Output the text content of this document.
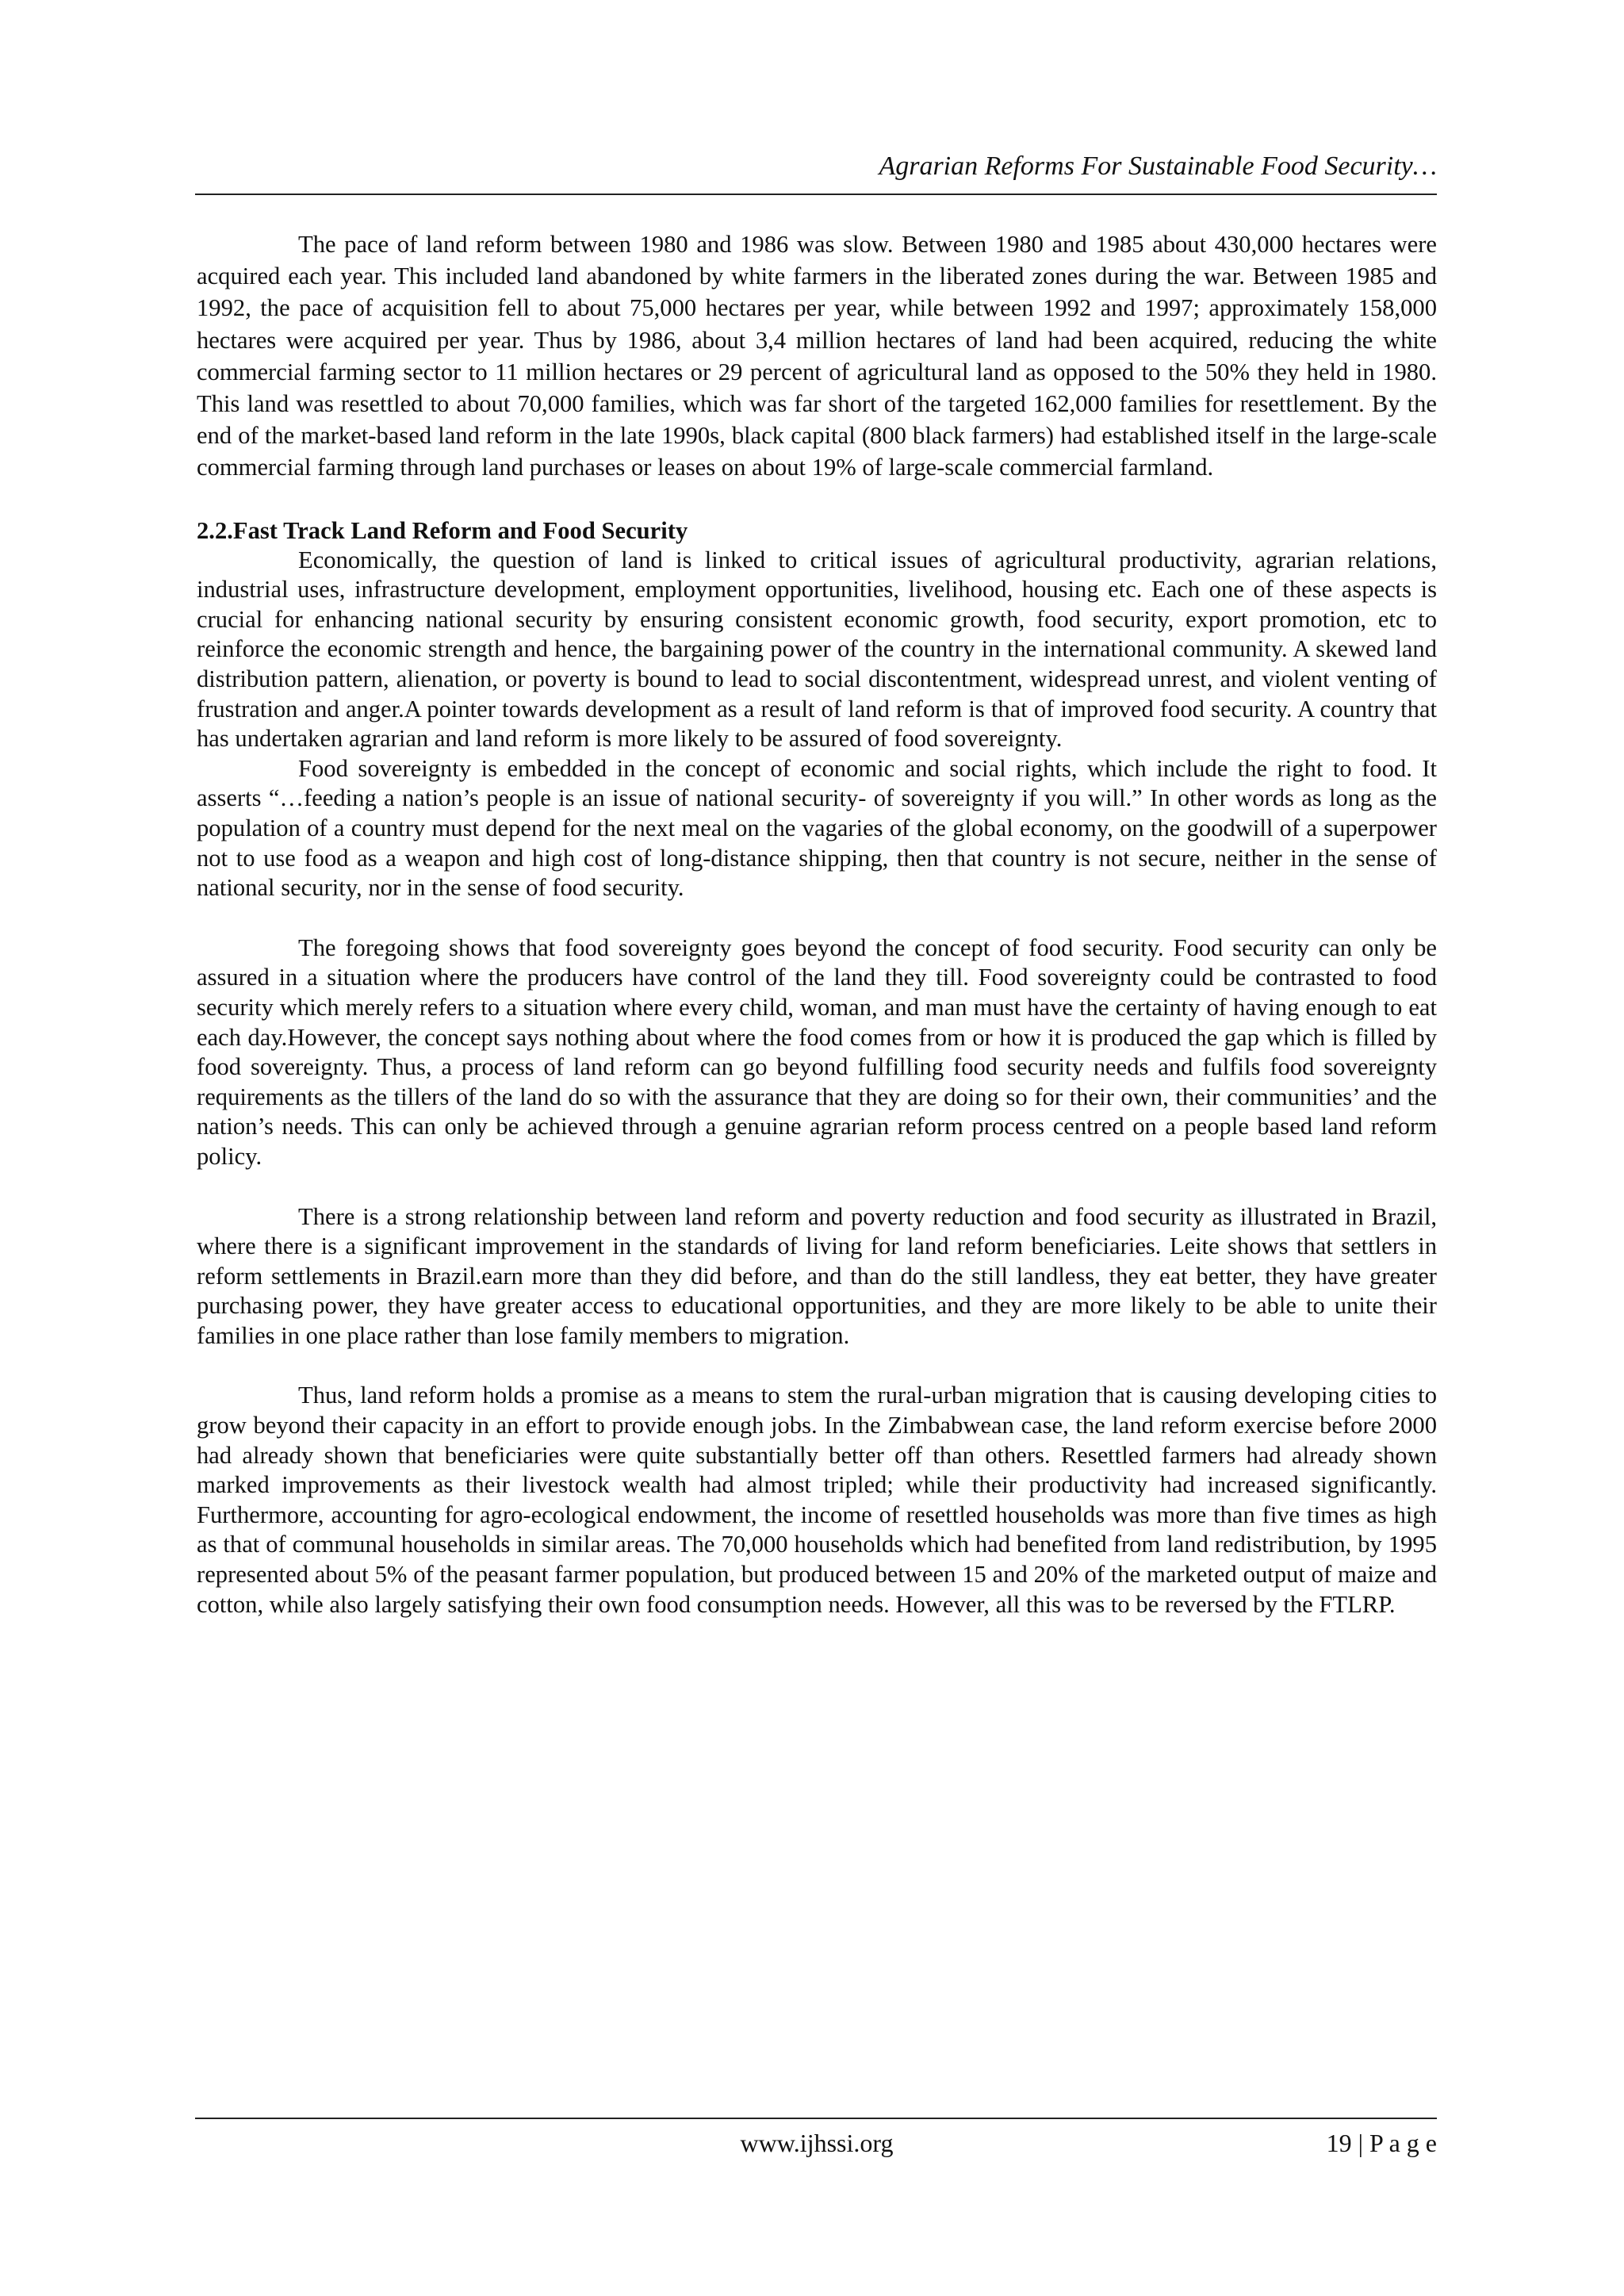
Agrarian Reforms For Sustainable Food Security…

The pace of land reform between 1980 and 1986 was slow. Between 1980 and 1985 about 430,000 hectares were acquired each year. This included land abandoned by white farmers in the liberated zones during the war. Between 1985 and 1992, the pace of acquisition fell to about 75,000 hectares per year, while between 1992 and 1997; approximately 158,000 hectares were acquired per year. Thus by 1986, about 3,4 million hectares of land had been acquired, reducing the white commercial farming sector to 11 million hectares or 29 percent of agricultural land as opposed to the 50% they held in 1980. This land was resettled to about 70,000 families, which was far short of the targeted 162,000 families for resettlement. By the end of the market-based land reform in the late 1990s, black capital (800 black farmers) had established itself in the large-scale commercial farming through land purchases or leases on about 19% of large-scale commercial farmland.

2.2.Fast Track Land Reform and Food Security

Economically, the question of land is linked to critical issues of agricultural productivity, agrarian relations, industrial uses, infrastructure development, employment opportunities, livelihood, housing etc. Each one of these aspects is crucial for enhancing national security by ensuring consistent economic growth, food security, export promotion, etc to reinforce the economic strength and hence, the bargaining power of the country in the international community. A skewed land distribution pattern, alienation, or poverty is bound to lead to social discontentment, widespread unrest, and violent venting of frustration and anger.A pointer towards development as a result of land reform is that of improved food security. A country that has undertaken agrarian and land reform is more likely to be assured of food sovereignty.

Food sovereignty is embedded in the concept of economic and social rights, which include the right to food. It asserts “…feeding a nation’s people is an issue of national security- of sovereignty if you will.” In other words as long as the population of a country must depend for the next meal on the vagaries of the global economy, on the goodwill of a superpower not to use food as a weapon and high cost of long-distance shipping, then that country is not secure, neither in the sense of national security, nor in the sense of food security.

The foregoing shows that food sovereignty goes beyond the concept of food security. Food security can only be assured in a situation where the producers have control of the land they till. Food sovereignty could be contrasted to food security which merely refers to a situation where every child, woman, and man must have the certainty of having enough to eat each day.However, the concept says nothing about where the food comes from or how it is produced the gap which is filled by food sovereignty. Thus, a process of land reform can go beyond fulfilling food security needs and fulfils food sovereignty requirements as the tillers of the land do so with the assurance that they are doing so for their own, their communities’ and the nation’s needs. This can only be achieved through a genuine agrarian reform process centred on a people based land reform policy.

There is a strong relationship between land reform and poverty reduction and food security as illustrated in Brazil, where there is a significant improvement in the standards of living for land reform beneficiaries. Leite shows that settlers in reform settlements in Brazil.earn more than they did before, and than do the still landless, they eat better, they have greater purchasing power, they have greater access to educational opportunities, and they are more likely to be able to unite their families in one place rather than lose family members to migration.

Thus, land reform holds a promise as a means to stem the rural-urban migration that is causing developing cities to grow beyond their capacity in an effort to provide enough jobs. In the Zimbabwean case, the land reform exercise before 2000 had already shown that beneficiaries were quite substantially better off than others. Resettled farmers had already shown marked improvements as their livestock wealth had almost tripled; while their productivity had increased significantly. Furthermore, accounting for agro-ecological endowment, the income of resettled households was more than five times as high as that of communal households in similar areas. The 70,000 households which had benefited from land redistribution, by 1995 represented about 5% of the peasant farmer population, but produced between 15 and 20% of the marketed output of maize and cotton, while also largely satisfying their own food consumption needs. However, all this was to be reversed by the FTLRP.

www.ijhssi.org	19 | P a g e
